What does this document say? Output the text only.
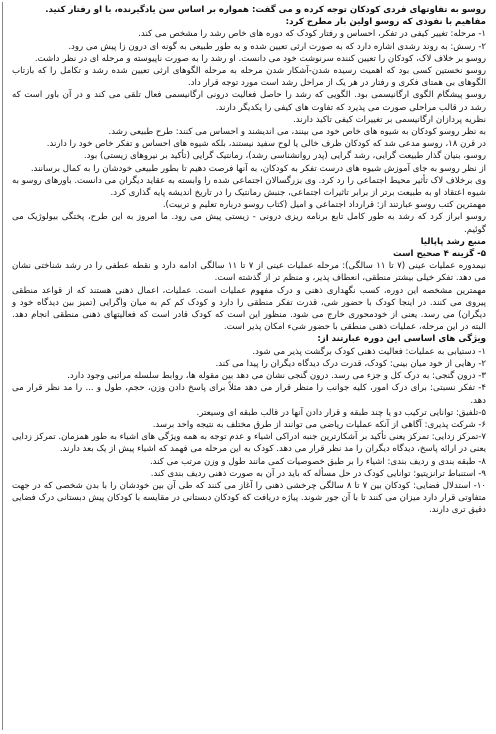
روسو به تفاوتهای فردی کودکان توجه کرده و می گفت: همواره بر اساس سن یادگیرنده، با او رفتار کنید.

مفاهیم با نفوذی که روسو اولین بار مطرح کرد:

۱- مرحله: تغییر کیفی در تفکر، احساس و رفتار کودک که دوره های خاص رشد را مشخص می کند.

۲- رسش: به روند رشدی اشاره دارد که به صورت ارثی تعیین شده و به طور طبیعی به گونه ای درون زا پیش می رود.

روسو بر خلاف لاک، کودکان را تعیین کننده سرنوشت خود می دانست. او رشد را به صورت ناپیوسته و مرحله ای در نظر داشت.

روسو نخستین کسی بود که اهمیت رسیده شدن-آشکار شدن مرحله به مرحله الگوهای ارثی تعیین شده رشد و تکامل را که بازتاب الگوهای بی همتای فکری و رفتار در هر یک از مراحل رشد است مورد توجه قرار داد.

روسو پیشگام الگوی ارگانیسمی بود. الگویی که رشد را حاصل فعالیت درونی ارگانیسمی فعال تلقی می کند و در آن باور است که رشد در قالب مراحلی صورت می پذیرد که تفاوت های کیفی را یکدیگر دارند.

نظریه پردازان ارگانیسمی بر تغییرات کیفی تاکید دارند.

به نظر روسو کودکان به شیوه های خاص خود می بینند، می اندیشند و احساس می کنند: طرح طبیعی رشد.

در قرن ۱۸، روسو مدعی شد که کودکان ظرف خالی یا لوح سفید نیستند، بلکه شیوه های احساس و تفکر خاص خود را دارند.

روسو، بنیان گذار طبیعت گرایی، رشد گرایی (پدر روانشناسی رشد)، رمانتیک گرایی (تأکید بر نیروهای زیستی) بود.

از نظر روسو به جای آموزش شیوه های درست تفکر به کودکان، به آنها فرصت دهیم تا بطور طبیعی خودشان را به کمال برسانند.

وی برخلاف لاک تأثیر محیط اجتماعی را رد کرد. وی بزرگسالان اجتماعی شده را وابسته به عقاید دیگران می دانست. باورهای روسو به شیوه اعتقاد او به طبیعت برتر از برابر تاثیرات اجتماعی، جنبش رمانتیک را در تاریخ اندیشه پایه گذاری کرد.

مهمترین کتب روسو عبارتند از: قرارداد اجتماعی و امیل (کتاب روسو درباره تعلیم و تربیت).

روسو ابراز کرد که رشد به طور کامل تابع برنامه ریزی درونی - زیستی پیش می رود. ما امروز به این طرح، پختگی بیولوژیک می گوئیم.

منبع رشد پاپالیا

۵- گزینه ۴ صحیح است

نیمدوره عملیات عینی (۷ تا ۱۱ سالگی): مرحله عملیات عینی از ۷ تا ۱۱ سالگی ادامه دارد و نقطه عطفی را در رشد شناختی نشان می دهد. تفکر خیلی بیشتر منطقی، انعطاف پذیر، و منظم تر از گذشته است.

مهمترین مشخصه این دوره، کسب نگهداری ذهنی و درک مفهوم عملیات است. عملیات، اعمال ذهنی هستند که از قواعد منطقی پیروی می کنند. در اینجا کودک با حضور شی، قدرت تفکر منطقی را دارد و کودک کم کم به میان واگرایی (تمیز بین دیدگاه خود و دیگران) می رسد. یعنی از خودمحوری خارج می شود. منظور این است که کودک قادر است که فعالیتهای ذهنی منطقی انجام دهد. البته در این مرحله، عملیات ذهنی منطقی با حضور شیء امکان پذیر است.

ویژگی های اساسی این دوره عبارتند از:

۱- دستیابی به عملیات: فعالیت ذهنی کودک برگشت پذیر می شود.

۲- رهایی از خود میان بینی: کودک، قدرت درک دیدگاه دیگران را پیدا می کند.

۳- درون گنجی: به درک کل و جزء می رسد. درون گنجی نشان می دهد بین مقوله ها، روابط سلسله مراتبی وجود دارد.

۴- تفکر نسبتی: برای درک امور، کلیه جوانب را منظر قرار می دهد مثلاً برای پاسخ دادن وزن، حجم، طول و ... را مد نظر قرار می دهد.

۵-تلفیق: توانایی ترکیب دو یا چند طبقه و قرار دادن آنها در قالب طبقه ای وسیعتر.

۶- شرکت پذیری: آگاهی از آنکه عملیات ریاضی می توانند از طرق مختلف به نتیجه واحد برسد.

۷-تمرکز زدایی: تمرکز یعنی تأکید بر آشکارترین جنبه ادراکی اشیاء و عدم توجه به همه ویژگی های اشیاء به طور همزمان. تمرکز زدایی یعنی در ارائه پاسخ، دیدگاه دیگران را مد نظر قرار می دهد. کودک به این مرحله می فهمد که اشیاء پیش از یک بعد دارند.

۸- طبقه بندی و ردیف بندی: اشیاء را بر طبق خصوصیات کمی مانند طول و وزن مرتب می کند.

۹- استنباط ترانزیتیو: توانایی کودک در حل مسأله که باید در آن به صورت ذهنی ردیف بندی کند.

۱۰- استدلال فضایی: کودکان بین ۷ تا ۸ سالگی چرخشی ذهنی را آغاز می کنند که طی آن بین خودشان را با بدن شخصی که در جهت متفاوتی قرار دارد میزان می کنند تا با آن جور شوند. پیاژه دریافت که کودکان دبستانی در مقایسه با کودکان پیش دبستانی درک فضایی دقیق تری دارند.
